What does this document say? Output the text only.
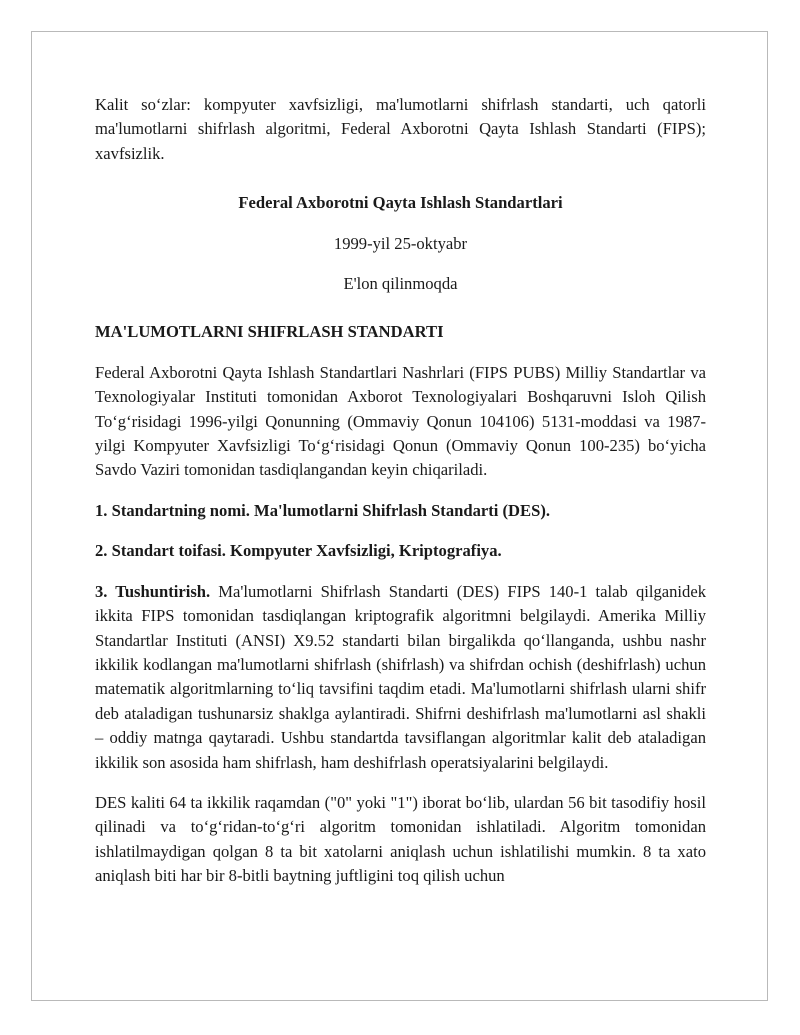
Kalit so‘zlar: kompyuter xavfsizligi, ma'lumotlarni shifrlash standarti, uch qatorli ma'lumotlarni shifrlash algoritmi, Federal Axborotni Qayta Ishlash Standarti (FIPS); xavfsizlik.

Federal Axborotni Qayta Ishlash Standartlari

1999-yil 25-oktyabr

E'lon qilinmoqda

MA'LUMOTLARNI SHIFRLASH STANDARTI

Federal Axborotni Qayta Ishlash Standartlari Nashrlari (FIPS PUBS) Milliy Standartlar va Texnologiyalar Instituti tomonidan Axborot Texnologiyalari Boshqaruvni Isloh Qilish To‘g‘risidagi 1996-yilgi Qonunning (Ommaviy Qonun 104106) 5131-moddasi va 1987-yilgi Kompyuter Xavfsizligi To‘g‘risidagi Qonun (Ommaviy Qonun 100-235) bo‘yicha Savdo Vaziri tomonidan tasdiqlangandan keyin chiqariladi.

1. Standartning nomi. Ma'lumotlarni Shifrlash Standarti (DES).

2. Standart toifasi. Kompyuter Xavfsizligi, Kriptografiya.

3. Tushuntirish. Ma'lumotlarni Shifrlash Standarti (DES) FIPS 140-1 talab qilganidek ikkita FIPS tomonidan tasdiqlangan kriptografik algoritmni belgilaydi. Amerika Milliy Standartlar Instituti (ANSI) X9.52 standarti bilan birgalikda qo‘llanganda, ushbu nashr ikkilik kodlangan ma'lumotlarni shifrlash (shifrlash) va shifrdan ochish (deshifrlash) uchun matematik algoritmlarning to‘liq tavsifini taqdim etadi. Ma'lumotlarni shifrlash ularni shifr deb ataladigan tushunarsiz shaklga aylantiradi. Shifrni deshifrlash ma'lumotlarni asl shakli – oddiy matnga qaytaradi. Ushbu standartda tavsiflangan algoritmlar kalit deb ataladigan ikkilik son asosida ham shifrlash, ham deshifrlash operatsiyalarini belgilaydi.

DES kaliti 64 ta ikkilik raqamdan ("0" yoki "1") iborat bo‘lib, ulardan 56 bit tasodifiy hosil qilinadi va to‘g‘ridan-to‘g‘ri algoritm tomonidan ishlatiladi. Algoritm tomonidan ishlatilmaydigan qolgan 8 ta bit xatolarni aniqlash uchun ishlatilishi mumkin. 8 ta xato aniqlash biti har bir 8-bitli baytning juftligini toq qilish uchun
